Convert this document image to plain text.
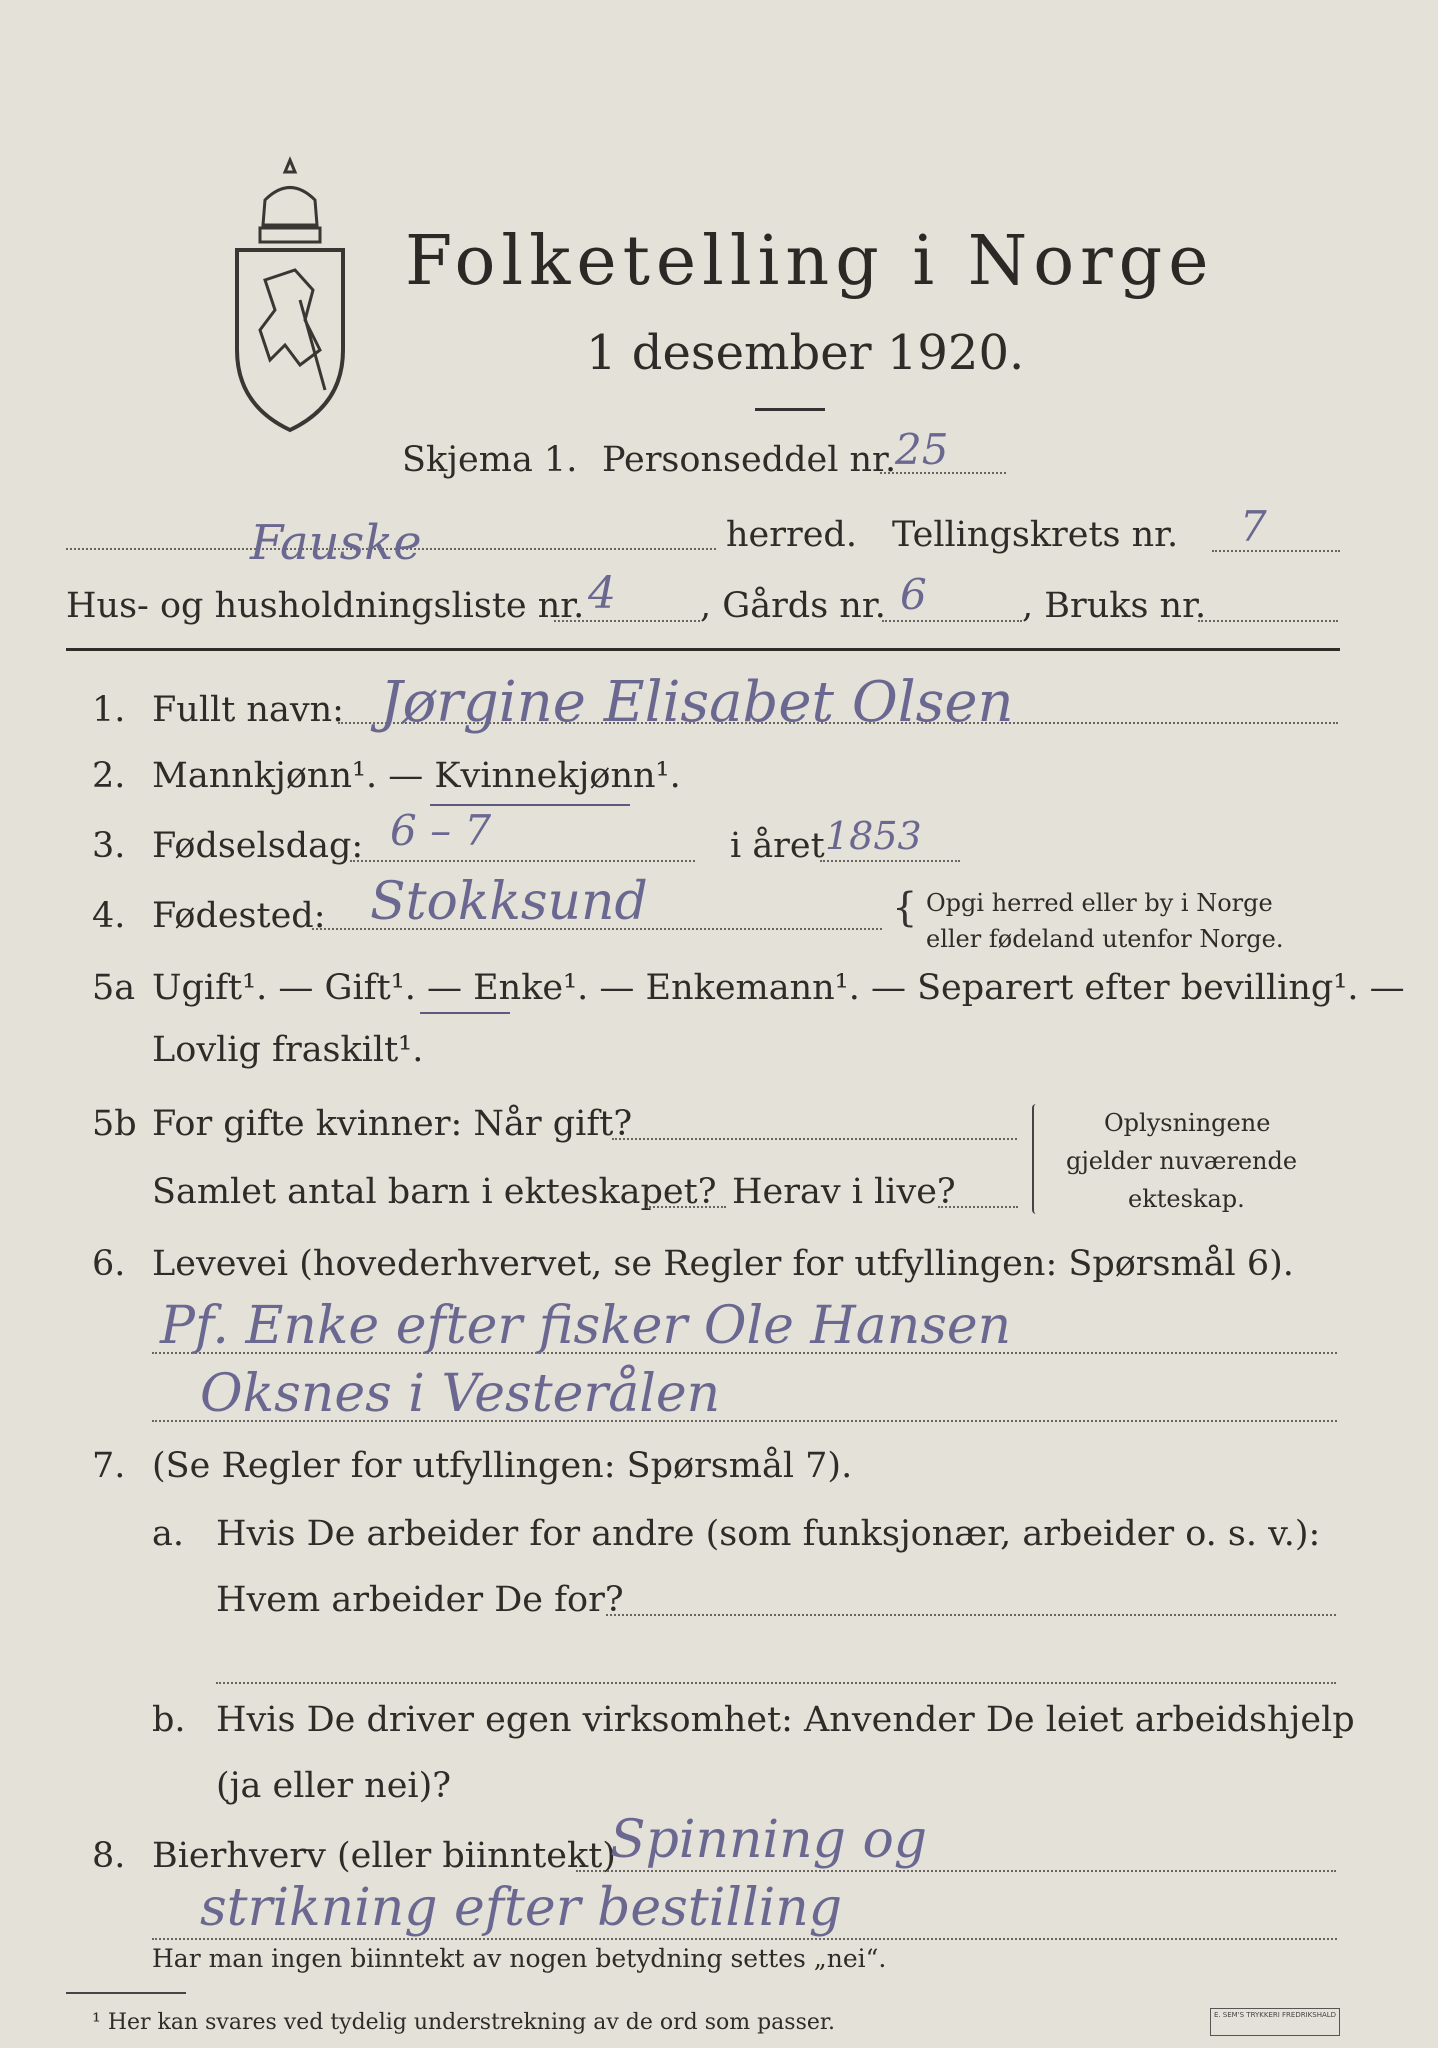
Folketelling i Norge
1 desember 1920.
Skjema 1. Personseddel nr.
25
Fauske	herred. Tellingskrets nr. 7
Hus- og husholdningsliste nr. 4 , Gårds nr. 6	, Bruks nr.
1. Fullt navn: Jørgine Elisabet Olsen
2. Mannkjønn¹. — Kvinnekjønn¹.
3. Fødselsdag: 6 – 7	i året 1853
4. Fødested: Stokksund	{ Opgi herred eller by i Norge
eller fødeland utenfor Norge.
5a Ugift¹. — Gift¹. — Enke¹. — Enkemann¹. — Separert efter bevilling¹. —
Lovlig fraskilt¹.
5b For gifte kvinner: Når gift?
Samlet antal barn i ekteskapet? Herav i live?
Oplysningene
gjelder nuværende
ekteskap.
6. Levevei (hovederhvervet, se Regler for utfyllingen: Spørsmål 6).
Pf. Enke efter fisker Ole Hansen
Oksnes i Vesterålen
7. (Se Regler for utfyllingen: Spørsmål 7).
a. Hvis De arbeider for andre (som funksjonær, arbeider o. s. v.):
Hvem arbeider De for?
b. Hvis De driver egen virksomhet: Anvender De leiet arbeidshjelp
(ja eller nei)?
8. Bierhverv (eller biinntekt)
Spinning og
strikning efter bestilling
Har man ingen biinntekt av nogen betydning settes „nei“.
¹ Her kan svares ved tydelig understrekning av de ord som passer.	E. SEM'S TRYKKERI FREDRIKSHALD
